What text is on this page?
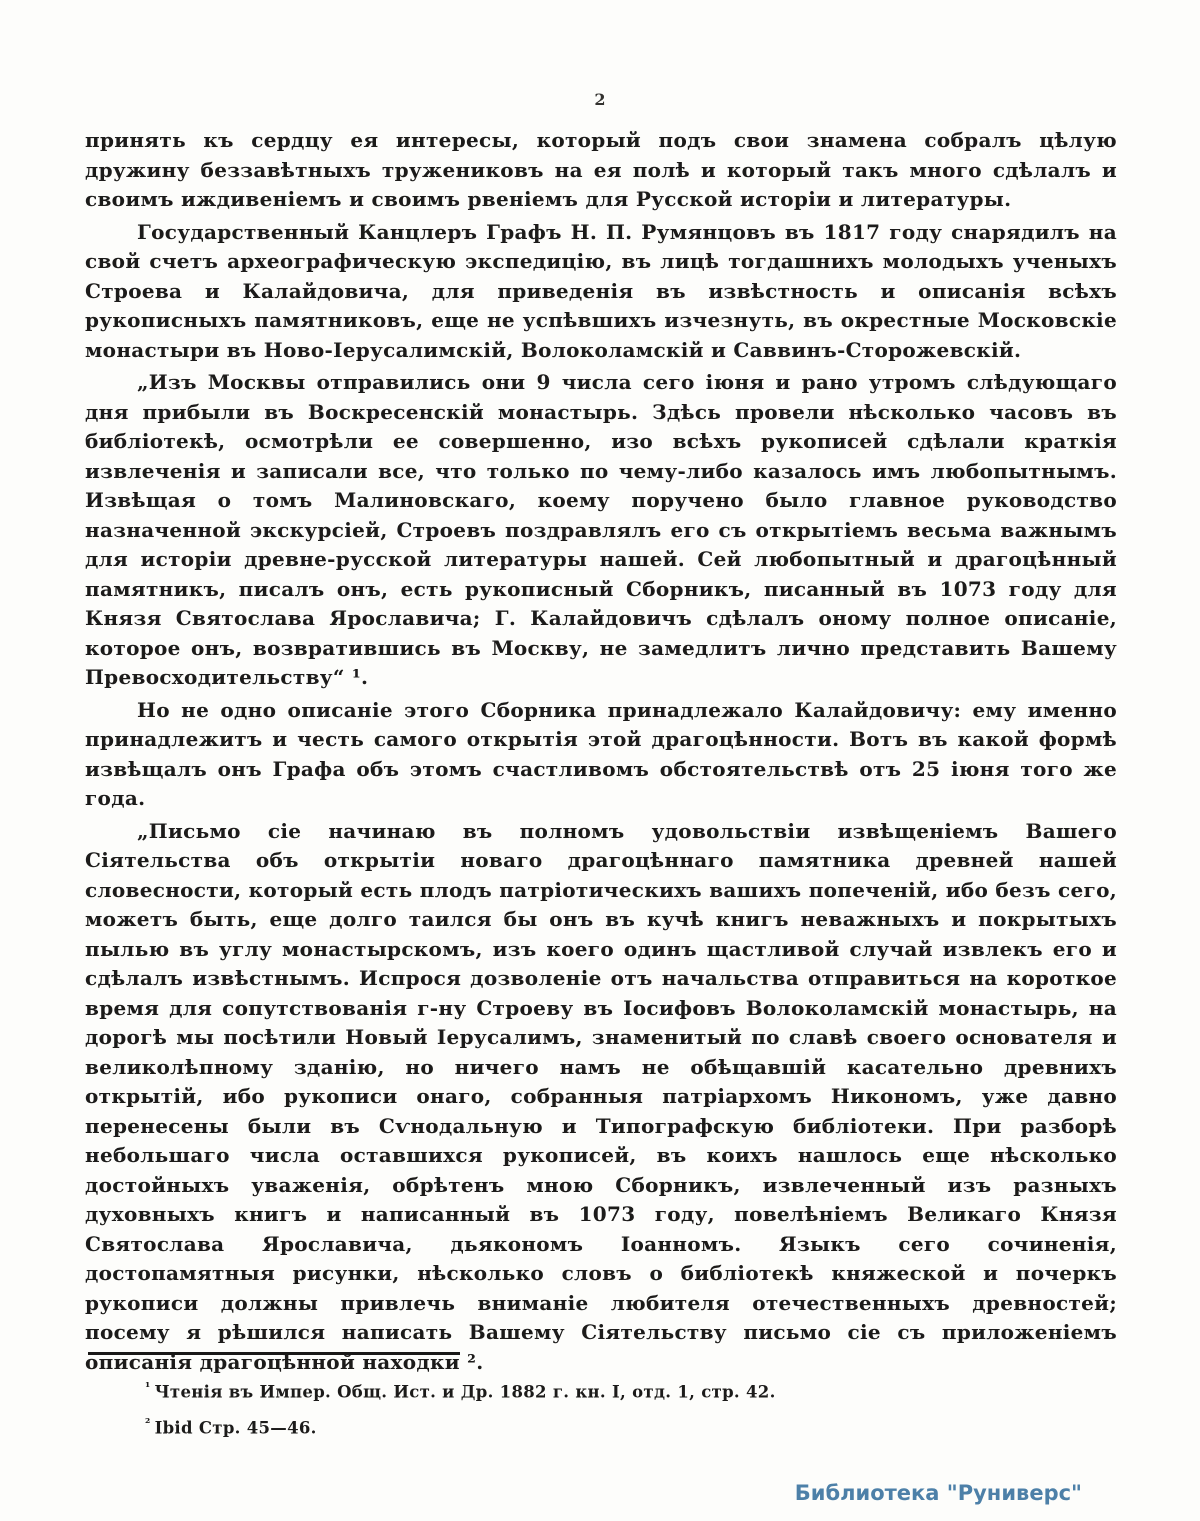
2

принять къ сердцу ея интересы, который подъ свои знамена собралъ цѣлую дружину беззавѣтныхъ тружениковъ на ея полѣ и который такъ много сдѣлалъ и своимъ иждивеніемъ и своимъ рвеніемъ для Русской исторіи и литературы.

Государственный Канцлеръ Графъ Н. П. Румянцовъ въ 1817 году снарядилъ на свой счетъ археографическую экспедицію, въ лицѣ тогдашнихъ молодыхъ ученыхъ Строева и Калайдовича, для приведенія въ извѣстность и описанія всѣхъ рукописныхъ памятниковъ, еще не успѣвшихъ изчезнуть, въ окрестные Московскіе монастыри въ Ново-Іерусалимскій, Волоколамскій и Саввинъ-Сторожевскій.

„Изъ Москвы отправились они 9 числа сего іюня и рано утромъ слѣдующаго дня прибыли въ Воскресенскій монастырь. Здѣсь провели нѣсколько часовъ въ библіотекѣ, осмотрѣли ее совершенно, изо всѣхъ рукописей сдѣлали краткія извлеченія и записали все, что только по чему-либо казалось имъ любопытнымъ. Извѣщая о томъ Малиновскаго, коему поручено было главное руководство назначенной экскурсіей, Строевъ поздравлялъ его съ открытіемъ весьма важнымъ для исторіи древне-русской литературы нашей. Сей любопытный и драгоцѣнный памятникъ, писалъ онъ, есть рукописный Сборникъ, писанный въ 1073 году для Князя Святослава Ярославича; Г. Калайдовичъ сдѣлалъ оному полное описаніе, которое онъ, возвратившись въ Москву, не замедлитъ лично представить Вашему Превосходительству“ ¹.

Но не одно описаніе этого Сборника принадлежало Калайдовичу: ему именно принадлежитъ и честь самого открытія этой драгоцѣнности. Вотъ въ какой формѣ извѣщалъ онъ Графа объ этомъ счастливомъ обстоятельствѣ отъ 25 іюня того же года.

„Письмо сіе начинаю въ полномъ удовольствіи извѣщеніемъ Вашего Сіятельства объ открытіи новаго драгоцѣннаго памятника древней нашей словесности, который есть плодъ патріотическихъ вашихъ попеченій, ибо безъ сего, можетъ быть, еще долго таился бы онъ въ кучѣ книгъ неважныхъ и покрытыхъ пылью въ углу монастырскомъ, изъ коего одинъ щастливой случай извлекъ его и сдѣлалъ извѣстнымъ. Испрося дозволеніе отъ начальства отправиться на короткое время для сопутствованія г-ну Строеву въ Іосифовъ Волоколамскій монастырь, на дорогѣ мы посѣтили Новый Іерусалимъ, знаменитый по славѣ своего основателя и великолѣпному зданію, но ничего намъ не обѣщавшій касательно древнихъ открытій, ибо рукописи онаго, собранныя патріархомъ Никономъ, уже давно перенесены были въ Сѵнодальную и Типографскую библіотеки. При разборѣ небольшаго числа оставшихся рукописей, въ коихъ нашлось еще нѣсколько достойныхъ уваженія, обрѣтенъ мною Сборникъ, извлеченный изъ разныхъ духовныхъ книгъ и написанный въ 1073 году, повелѣніемъ Великаго Князя Святослава Ярославича, дьякономъ Іоанномъ. Языкъ сего сочиненія, достопамятныя рисунки, нѣсколько словъ о библіотекѣ княжеской и почеркъ рукописи должны привлечь вниманіе любителя отечественныхъ древностей; посему я рѣшился написать Вашему Сіятельству письмо сіе съ приложеніемъ описанія драгоцѣнной находки ².

$^{^1}$ Чтенія въ Импер. Общ. Ист. и Др. 1882 г. кн. I, отд. 1, стр. 42.

$^{^2}$ Ibid Стр. 45—46.

Библиотека "Руниверс"
